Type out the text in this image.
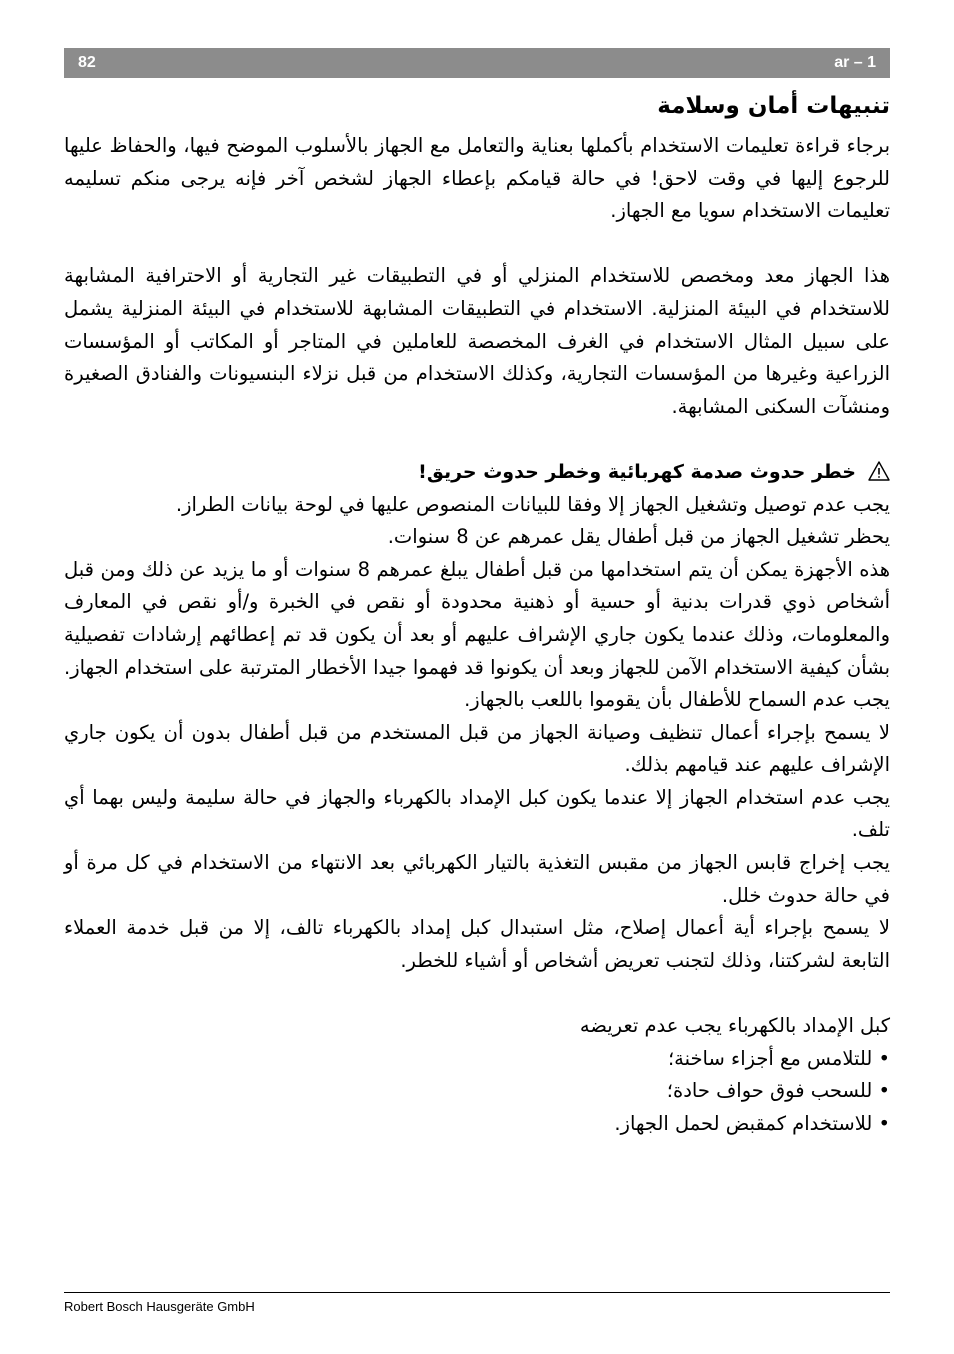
82	ar – 1
تنبيهات أمان وسلامة

برجاء قراءة تعليمات الاستخدام بأكملها بعناية والتعامل مع الجهاز بالأسلوب الموضح فيها، والحفاظ عليها للرجوع إليها في وقت لاحق! في حالة قيامكم بإعطاء الجهاز لشخص آخر فإنه يرجى منكم تسليمه تعليمات الاستخدام سويا مع الجهاز.

هذا الجهاز معد ومخصص للاستخدام المنزلي أو في التطبيقات غير التجارية أو الاحترافية المشابهة للاستخدام في البيئة المنزلية. الاستخدام في التطبيقات المشابهة للاستخدام في البيئة المنزلية يشمل على سبيل المثال الاستخدام في الغرف المخصصة للعاملين في المتاجر أو المكاتب أو المؤسسات الزراعية وغيرها من المؤسسات التجارية، وكذلك الاستخدام من قبل نزلاء البنسيونات والفنادق الصغيرة ومنشآت السكنى المشابهة.

خطر حدوث صدمة كهربائية وخطر حدوث حريق!

يجب عدم توصيل وتشغيل الجهاز إلا وفقا للبيانات المنصوص عليها في لوحة بيانات الطراز.

يحظر تشغيل الجهاز من قبل أطفال يقل عمرهم عن 8 سنوات.

هذه الأجهزة يمكن أن يتم استخدامها من قبل أطفال يبلغ عمرهم 8 سنوات أو ما يزيد عن ذلك ومن قبل أشخاص ذوي قدرات بدنية أو حسية أو ذهنية محدودة أو نقص في الخبرة و/أو نقص في المعارف والمعلومات، وذلك عندما يكون جاري الإشراف عليهم أو بعد أن يكون قد تم إعطائهم إرشادات تفصيلية بشأن كيفية الاستخدام الآمن للجهاز وبعد أن يكونوا قد فهموا جيدا الأخطار المترتبة على استخدام الجهاز. يجب عدم السماح للأطفال بأن يقوموا باللعب بالجهاز.

لا يسمح بإجراء أعمال تنظيف وصيانة الجهاز من قبل المستخدم من قبل أطفال بدون أن يكون جاري الإشراف عليهم عند قيامهم بذلك.

يجب عدم استخدام الجهاز إلا عندما يكون كبل الإمداد بالكهرباء والجهاز في حالة سليمة وليس بهما أي تلف.

يجب إخراج قابس الجهاز من مقبس التغذية بالتيار الكهربائي بعد الانتهاء من الاستخدام في كل مرة أو في حالة حدوث خلل.

لا يسمح بإجراء أية أعمال إصلاح، مثل استبدال كبل إمداد بالكهرباء تالف، إلا من قبل خدمة العملاء التابعة لشركتنا، وذلك لتجنب تعريض أشخاص أو أشياء للخطر.

كبل الإمداد بالكهرباء يجب عدم تعريضه

• للتلامس مع أجزاء ساخنة؛
• للسحب فوق حواف حادة؛
• للاستخدام كمقبض لحمل الجهاز.
Robert Bosch Hausgeräte GmbH
